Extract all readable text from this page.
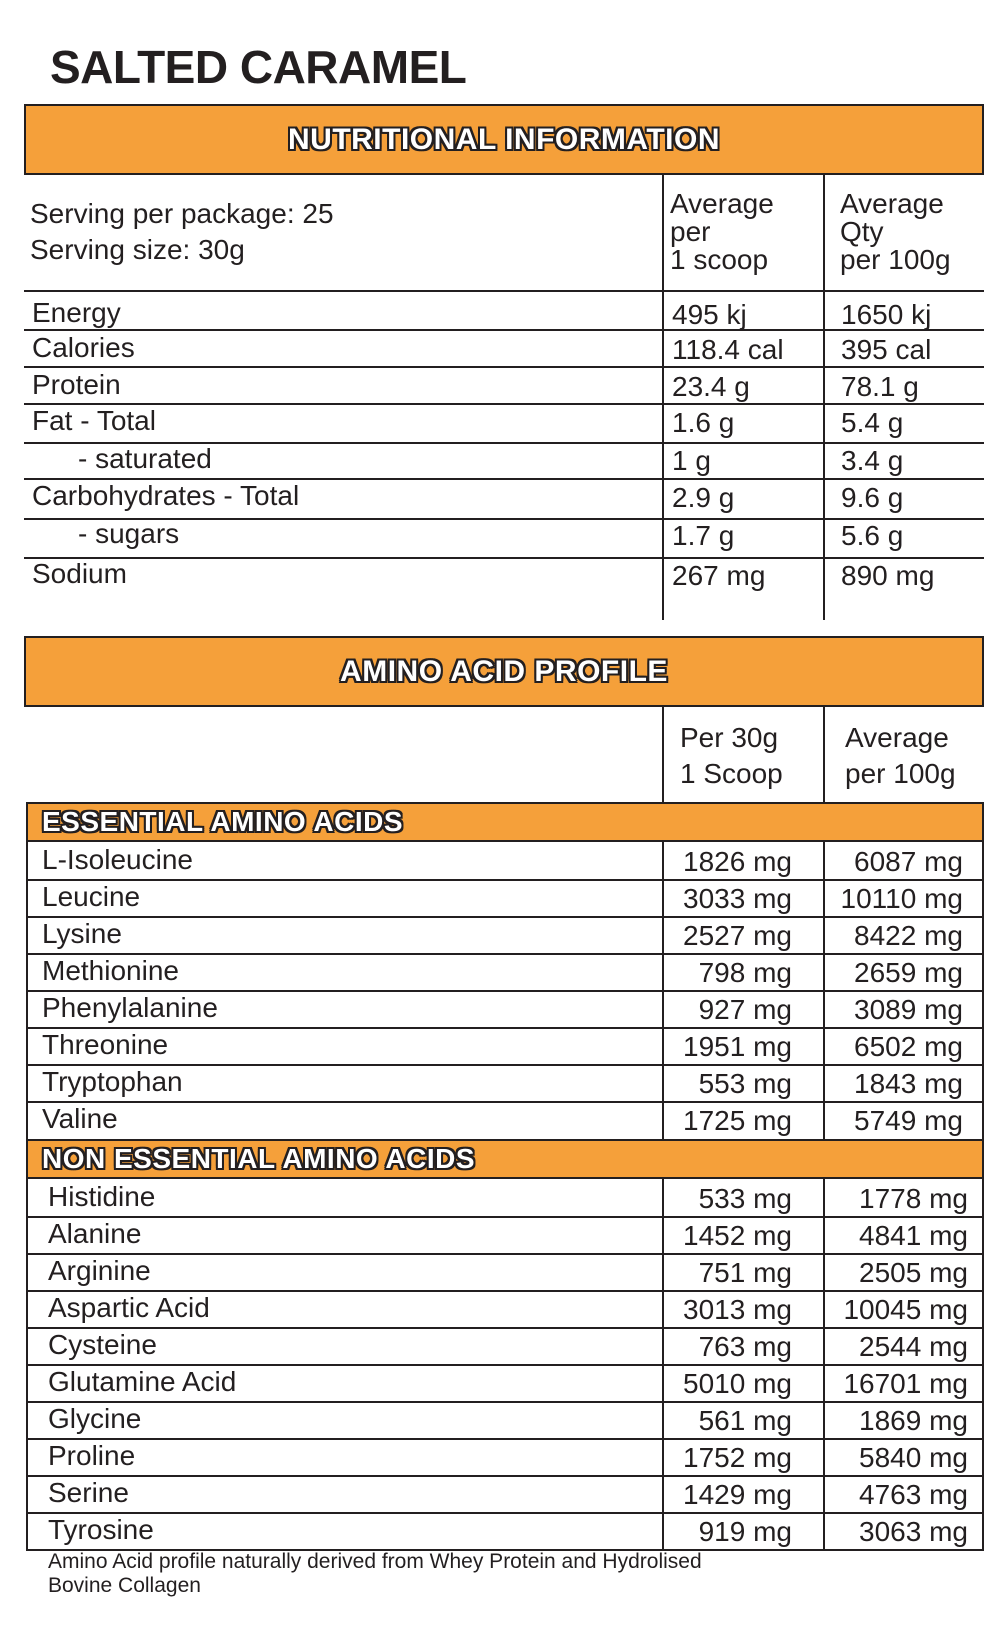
SALTED CARAMEL
NUTRITIONAL INFORMATION
Serving per package: 25
Serving size: 30g
Average
per
1 scoop
Average
Qty
per 100g
Energy	495 kj	1650 kj
Calories	118.4 cal 395 cal
Protein	23.4 g	78.1 g
Fat - Total	1.6 g	5.4 g
- saturated	1 g	3.4 g
Carbohydrates - Total	2.9 g	9.6 g
- sugars	1.7 g	5.6 g
Sodium	267 mg	890 mg
AMINO ACID PROFILE
Per 30g
1 Scoop
Average
per 100g
ESSENTIAL AMINO ACIDS
L-Isoleucine	1826 mg	6087 mg
Leucine	3033 mg	10110 mg
Lysine	2527 mg	8422 mg
Methionine	798 mg	2659 mg
Phenylalanine	927 mg	3089 mg
Threonine	1951 mg	6502 mg
Tryptophan	553 mg	1843 mg
Valine	1725 mg	5749 mg
NON ESSENTIAL AMINO ACIDS
Histidine	533 mg	1778 mg
Alanine	1452 mg	4841 mg
Arginine	751 mg	2505 mg
Aspartic Acid	3013 mg	10045 mg
Cysteine	763 mg	2544 mg
Glutamine Acid	5010 mg	16701 mg
Glycine	561 mg	1869 mg
Proline	1752 mg	5840 mg
Serine	1429 mg	4763 mg
Tyrosine	919 mg	3063 mg
Amino Acid profile naturally derived from Whey Protein and Hydrolised Bovine Collagen
